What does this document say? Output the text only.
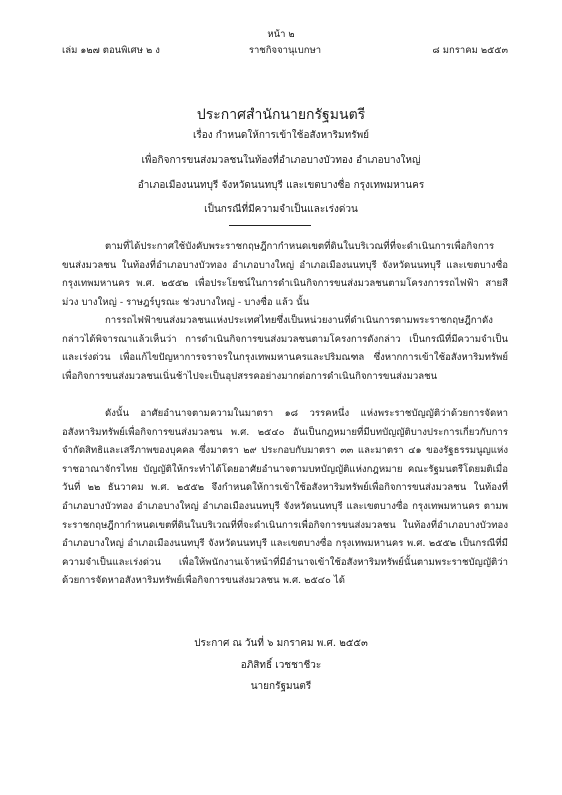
หน้า ๒
เล่ม ๑๒๗ ตอนพิเศษ ๒ ง	ราชกิจจานุเบกษา	๘ มกราคม ๒๕๕๓
ประกาศสำนักนายกรัฐมนตรี
เรื่อง กำหนดให้การเข้าใช้อสังหาริมทรัพย์
เพื่อกิจการขนส่งมวลชนในท้องที่อำเภอบางบัวทอง อำเภอบางใหญ่
อำเภอเมืองนนทบุรี จังหวัดนนทบุรี และเขตบางซื่อ กรุงเทพมหานคร
เป็นกรณีที่มีความจำเป็นและเร่งด่วน

ตามที่ได้ประกาศใช้บังคับพระราชกฤษฎีกากำหนดเขตที่ดินในบริเวณที่ที่จะดำเนินการเพื่อกิจการขนส่งมวลชน ในท้องที่อำเภอบางบัวทอง อำเภอบางใหญ่ อำเภอเมืองนนทบุรี จังหวัดนนทบุรี และเขตบางซื่อ กรุงเทพมหานคร พ.ศ. ๒๕๕๒ เพื่อประโยชน์ในการดำเนินกิจการขนส่งมวลชนตามโครงการรถไฟฟ้า สายสีม่วง บางใหญ่ - ราษฎร์บูรณะ ช่วงบางใหญ่ - บางซื่อ แล้ว นั้น

การรถไฟฟ้าขนส่งมวลชนแห่งประเทศไทยซึ่งเป็นหน่วยงานที่ดำเนินการตามพระราชกฤษฎีกาดังกล่าวได้พิจารณาแล้วเห็นว่า การดำเนินกิจการขนส่งมวลชนตามโครงการดังกล่าว เป็นกรณีที่มีความจำเป็นและเร่งด่วน เพื่อแก้ไขปัญหาการจราจรในกรุงเทพมหานครและปริมณฑล ซึ่งหากการเข้าใช้อสังหาริมทรัพย์เพื่อกิจการขนส่งมวลชนเนิ่นช้าไปจะเป็นอุปสรรคอย่างมากต่อการดำเนินกิจการขนส่งมวลชน

ดังนั้น อาศัยอำนาจตามความในมาตรา ๑๘ วรรคหนึ่ง แห่งพระราชบัญญัติว่าด้วยการจัดหาอสังหาริมทรัพย์เพื่อกิจการขนส่งมวลชน พ.ศ. ๒๕๔๐ อันเป็นกฎหมายที่มีบทบัญญัติบางประการเกี่ยวกับการจำกัดสิทธิและเสรีภาพของบุคคล ซึ่งมาตรา ๒๙ ประกอบกับมาตรา ๓๓ และมาตรา ๔๑ ของรัฐธรรมนูญแห่งราชอาณาจักรไทย บัญญัติให้กระทำได้โดยอาศัยอำนาจตามบทบัญญัติแห่งกฎหมาย คณะรัฐมนตรีโดยมติเมื่อวันที่ ๒๒ ธันวาคม พ.ศ. ๒๕๕๒ จึงกำหนดให้การเข้าใช้อสังหาริมทรัพย์เพื่อกิจการขนส่งมวลชน ในท้องที่อำเภอบางบัวทอง อำเภอบางใหญ่ อำเภอเมืองนนทบุรี จังหวัดนนทบุรี และเขตบางซื่อ กรุงเทพมหานคร ตามพระราชกฤษฎีกากำหนดเขตที่ดินในบริเวณที่ที่จะดำเนินการเพื่อกิจการขนส่งมวลชน ในท้องที่อำเภอบางบัวทอง อำเภอบางใหญ่ อำเภอเมืองนนทบุรี จังหวัดนนทบุรี และเขตบางซื่อ กรุงเทพมหานคร พ.ศ. ๒๕๕๒ เป็นกรณีที่มีความจำเป็นและเร่งด่วน เพื่อให้พนักงานเจ้าหน้าที่มีอำนาจเข้าใช้อสังหาริมทรัพย์นั้นตามพระราชบัญญัติว่าด้วยการจัดหาอสังหาริมทรัพย์เพื่อกิจการขนส่งมวลชน พ.ศ. ๒๕๔๐ ได้

ประกาศ ณ วันที่ ๖ มกราคม พ.ศ. ๒๕๕๓
อภิสิทธิ์ เวชชาชีวะ
นายกรัฐมนตรี
